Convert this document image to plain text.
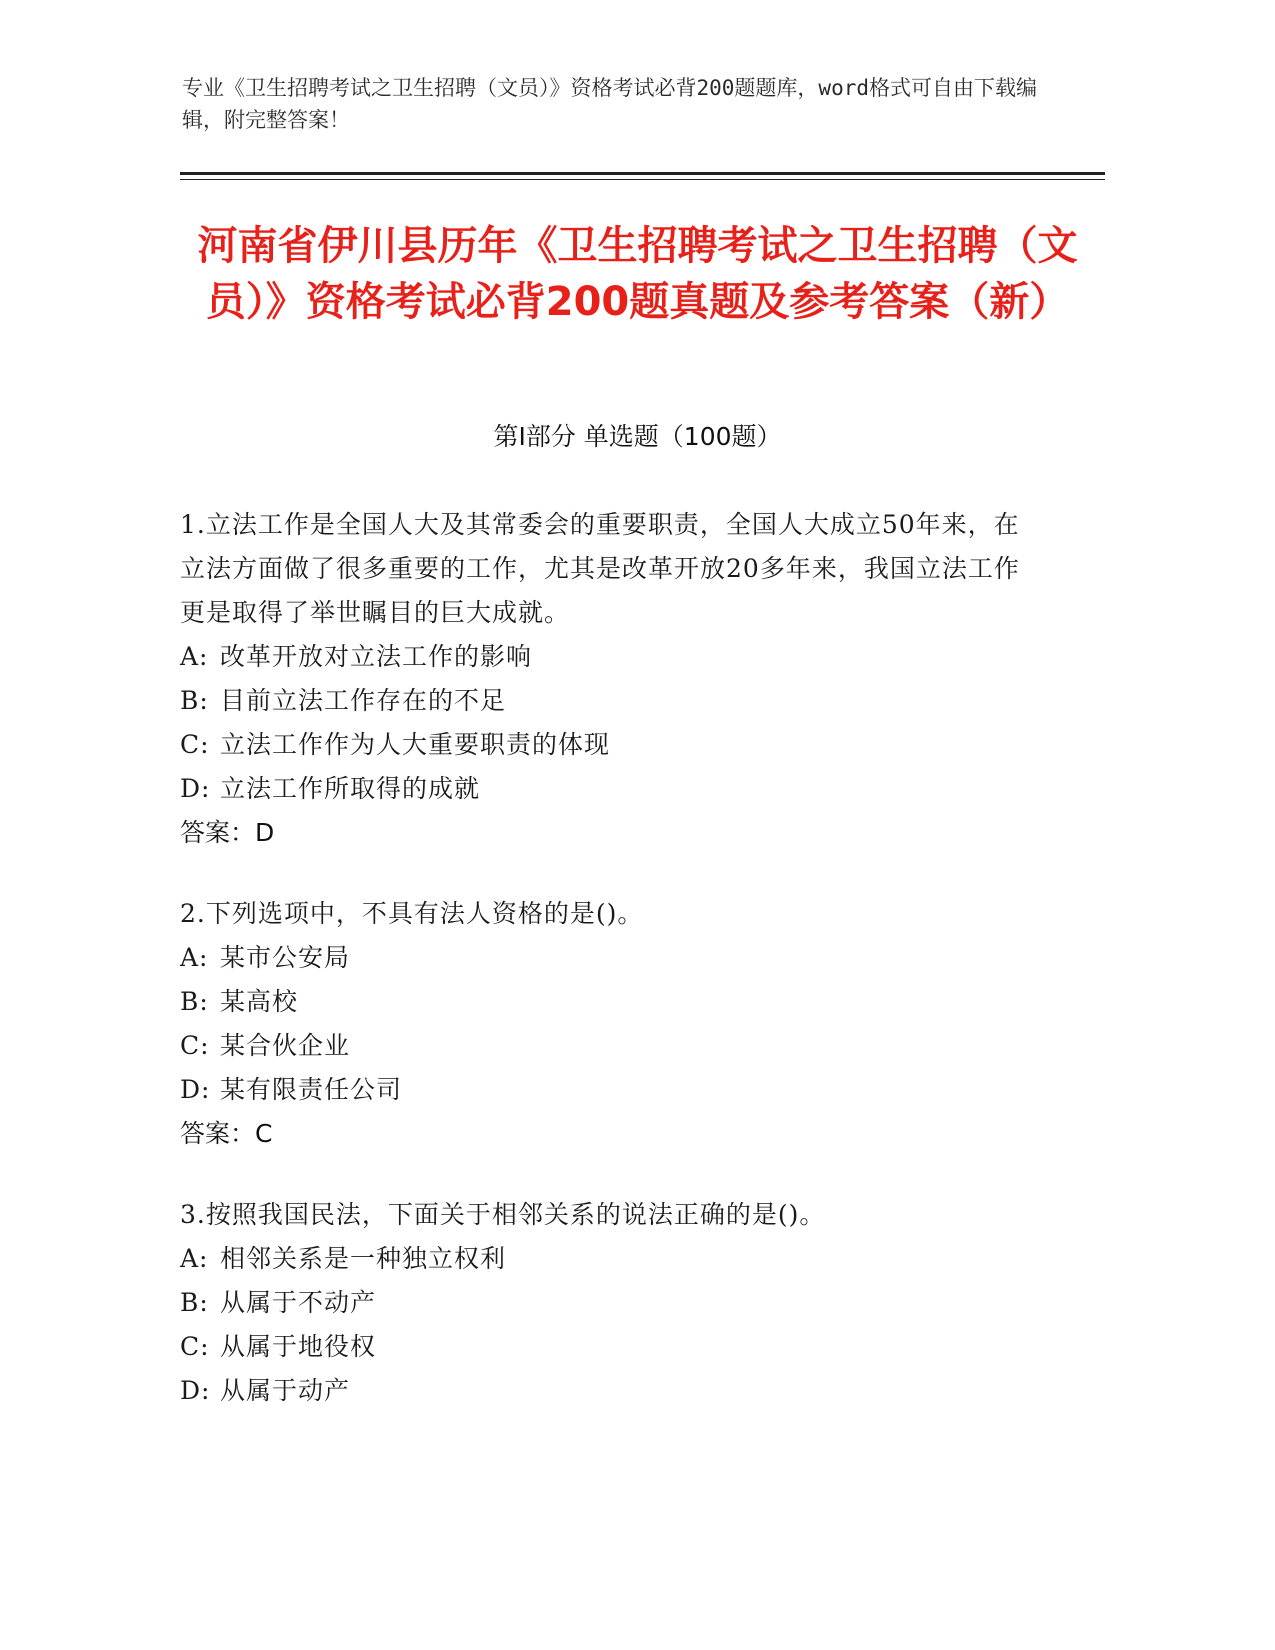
专业《卫生招聘考试之卫生招聘（文员）》资格考试必背200题题库，word格式可自由下载编辑，附完整答案！
河南省伊川县历年《卫生招聘考试之卫生招聘（文员）》资格考试必背200题真题及参考答案（新）
第Ⅰ部分 单选题（100题）
1.立法工作是全国人大及其常委会的重要职责，全国人大成立50年来，在立法方面做了很多重要的工作，尤其是改革开放20多年来，我国立法工作更是取得了举世瞩目的巨大成就。
A: 改革开放对立法工作的影响
B: 目前立法工作存在的不足
C: 立法工作作为人大重要职责的体现
D: 立法工作所取得的成就
答案：D
2.下列选项中，不具有法人资格的是()。
A: 某市公安局
B: 某高校
C: 某合伙企业
D: 某有限责任公司
答案：C
3.按照我国民法，下面关于相邻关系的说法正确的是()。
A: 相邻关系是一种独立权利
B: 从属于不动产
C: 从属于地役权
D: 从属于动产
